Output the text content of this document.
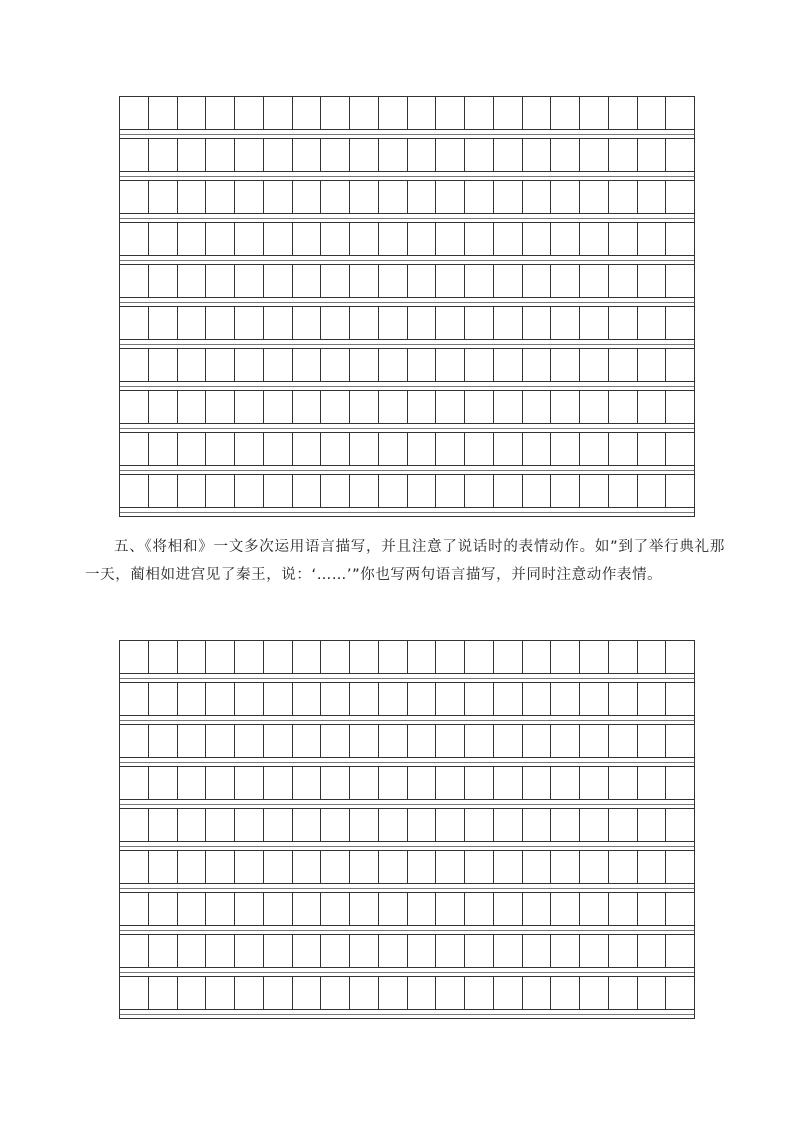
五、《将相和》一文多次运用语言描写，并且注意了说话时的表情动作。如”到了举行典礼那一天，蔺相如进宫见了秦王，说：‘……’”你也写两句语言描写，并同时注意动作表情。
